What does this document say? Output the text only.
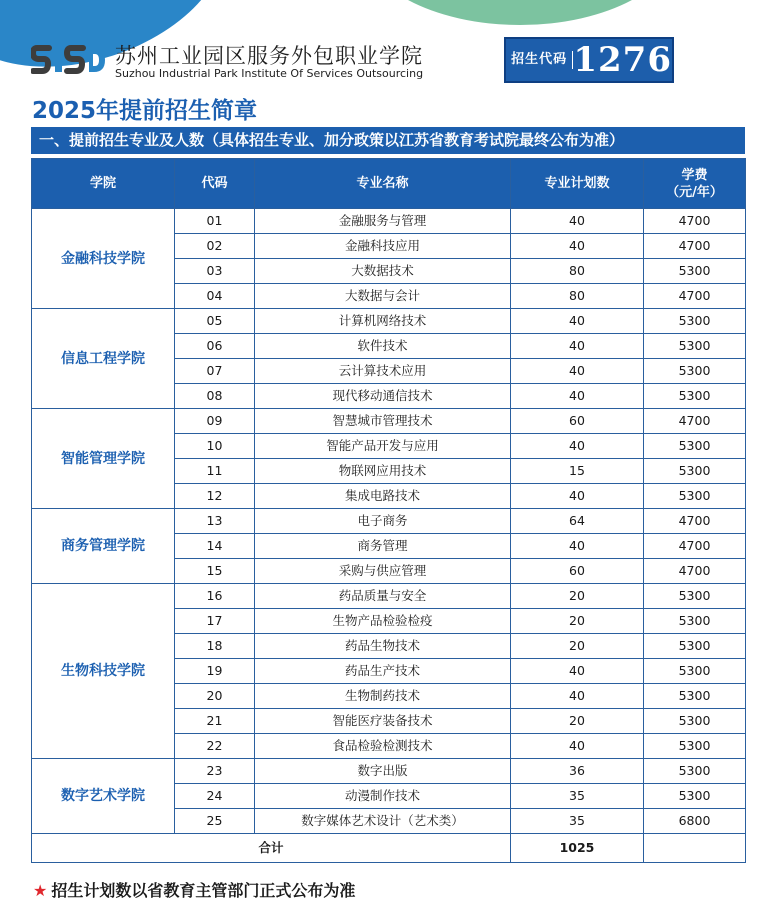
苏州工业园区服务外包职业学院
Suzhou Industrial Park Institute Of Services Outsourcing
招生代码 1276
2025年提前招生简章
一、提前招生专业及人数（具体招生专业、加分政策以江苏省教育考试院最终公布为准）
学院	代码	专业名称	专业计划数	学费
（元/年）
金融科技学院	01	金融服务与管理	40	4700
	02	金融科技应用	40	4700
	03	大数据技术	80	5300
	04	大数据与会计	80	4700
信息工程学院	05	计算机网络技术	40	5300
	06	软件技术	40	5300
	07	云计算技术应用	40	5300
	08	现代移动通信技术	40	5300
智能管理学院	09	智慧城市管理技术	60	4700
	10	智能产品开发与应用	40	5300
	11	物联网应用技术	15	5300
	12	集成电路技术	40	5300
商务管理学院	13	电子商务	64	4700
	14	商务管理	40	4700
	15	采购与供应管理	60	4700
生物科技学院	16	药品质量与安全	20	5300
	17	生物产品检验检疫	20	5300
	18	药品生物技术	20	5300
	19	药品生产技术	40	5300
	20	生物制药技术	40	5300
	21	智能医疗装备技术	20	5300
	22	食品检验检测技术	40	5300
数字艺术学院	23	数字出版	36	5300
	24	动漫制作技术	35	5300
	25	数字媒体艺术设计（艺术类）	35	6800
合计			1025	
★ 招生计划数以省教育主管部门正式公布为准
